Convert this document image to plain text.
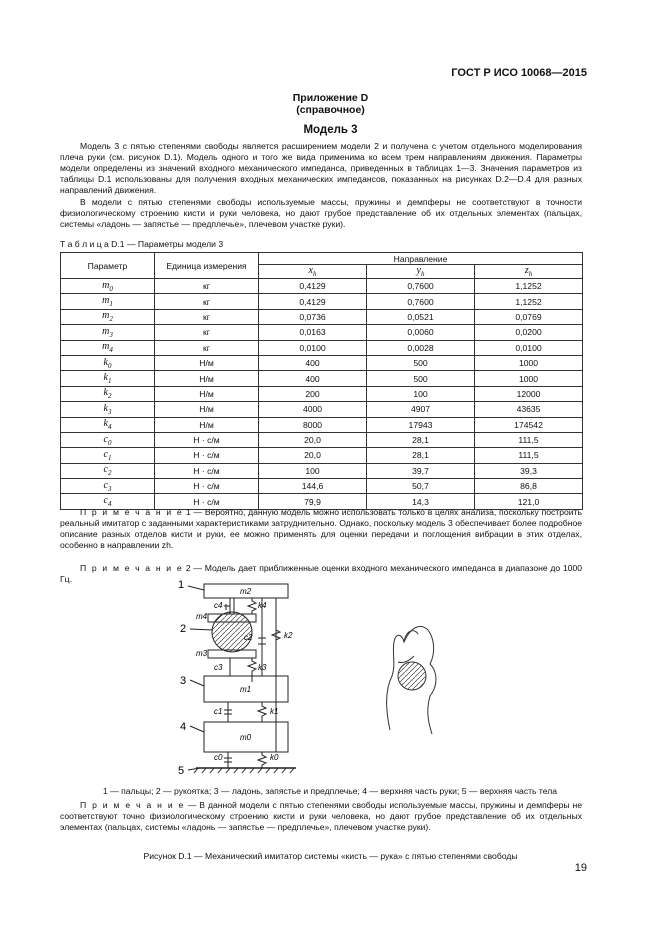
ГОСТ Р ИСО 10068—2015
Приложение D
(справочное)
Модель 3
Модель 3 с пятью степенями свободы является расширением модели 2 и получена с учетом отдельного моделирования плеча руки (см. рисунок D.1). Модель одного и того же вида применима ко всем трем направлениям движения. Параметры модели определены из значений входного механического импеданса, приведенных в таблицах 1—3. Значения параметров из таблицы D.1 использованы для получения входных механических импедансов, показанных на рисунках D.2—D.4 для разных направлений движения.
В модели с пятью степенями свободы используемые массы, пружины и демпферы не соответствуют в точности физиологическому строению кисти и руки человека, но дают грубое представление об их отдельных элементах (пальцах, системы «ладонь — запястье — предплечье», плечевом участке руки).
Т а б л и ц а D.1 — Параметры модели 3
Параметр	Единица измерения	Направление		
		$x_h$	$y_h$	$z_h$
$m_0$	кг	0,4129	0,7600	1,1252
$m_1$	кг	0,4129	0,7600	1,1252
$m_2$	кг	0,0736	0,0521	0,0769
$m_3$	кг	0,0163	0,0060	0,0200
$m_4$	кг	0,0100	0,0028	0,0100
$k_0$	Н/м	400	500	1000
$k_1$	Н/м	400	500	1000
$k_2$	Н/м	200	100	12000
$k_3$	Н/м	4000	4907	43635
$k_4$	Н/м	8000	17943	174542
$c_0$	Н · с/м	20,0	28,1	111,5
$c_1$	Н · с/м	20,0	28,1	111,5
$c_2$	Н · с/м	100	39,7	39,3
$c_3$	Н · с/м	144,6	50,7	86,8
$c_4$	Н · с/м	79,9	14,3	121,0
П р и м е ч а н и е 1 — Вероятно, данную модель можно использовать только в целях анализа, поскольку построить реальный имитатор с заданными характеристиками затруднительно. Однако, поскольку модель 3 обеспечивает более подробное описание разных отделов кисти и руки, ее можно применять для оценки передачи и поглощения вибрации в этих отделах, особенно в направлении zh.
П р и м е ч а н и е 2 — Модель дает приближенные оценки входного механического импеданса в диапазоне до 1000 Гц.	1
2
3
4
5
m2
c4	k4
m4
c2	k2
m3
c3	k3
m1
c1	k1
m0
c0	k0
1 — пальцы; 2 — рукоятка; 3 — ладонь, запястье и предплечье; 4 — верхняя часть руки; 5 — верхняя часть тела
П р и м е ч а н и е — В данной модели с пятью степенями свободы используемые массы, пружины и демпферы не соответствуют точно физиологическому строению кисти и руки человека, но дают грубое представление об их отдельных элементах (пальцах, системы «ладонь — запястье — предплечье», плечевом участке руки).
Рисунок D.1 — Механический имитатор системы «кисть — рука» с пятью степенями свободы
19
